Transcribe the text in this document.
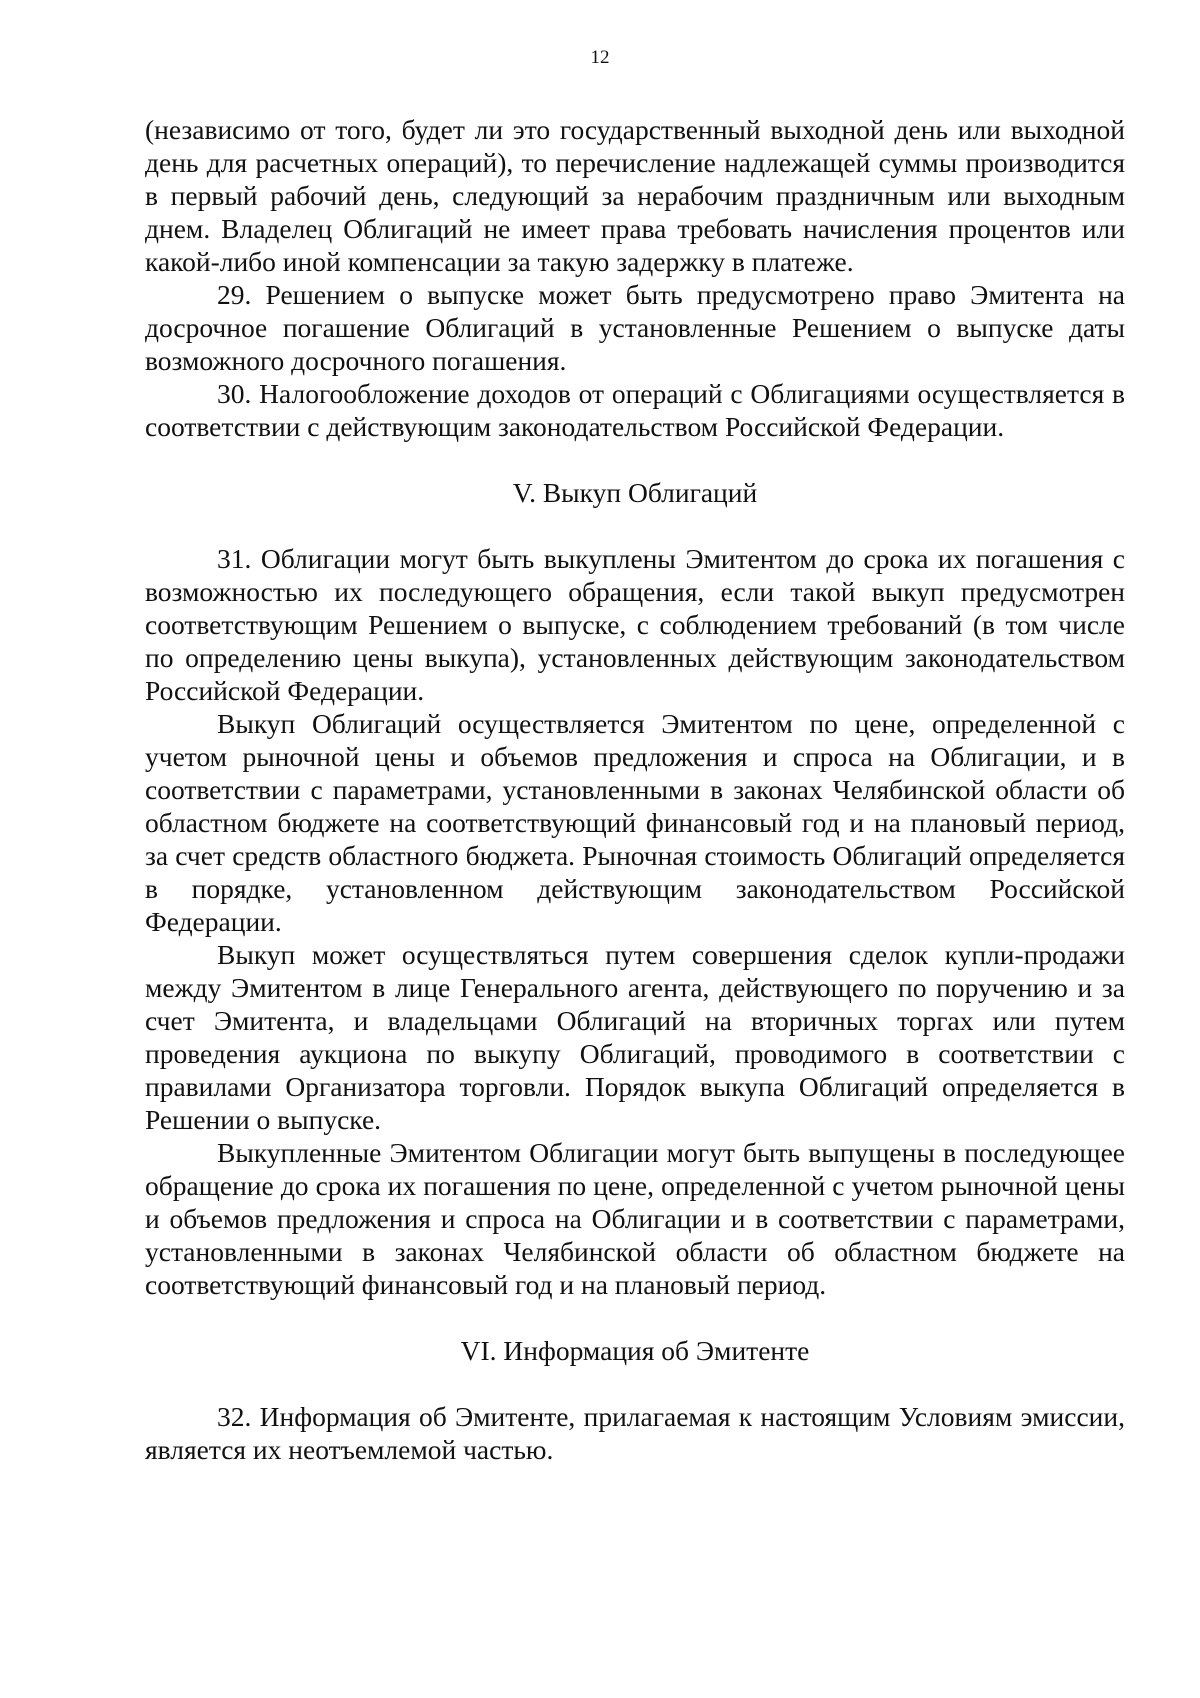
12

(независимо от того, будет ли это государственный выходной день или выходной день для расчетных операций), то перечисление надлежащей суммы производится в первый рабочий день, следующий за нерабочим праздничным или выходным днем. Владелец Облигаций не имеет права требовать начисления процентов или какой-либо иной компенсации за такую задержку в платеже.

29. Решением о выпуске может быть предусмотрено право Эмитента на досрочное погашение Облигаций в установленные Решением о выпуске даты возможного досрочного погашения.

30. Налогообложение доходов от операций с Облигациями осуществляется в соответствии с действующим законодательством Российской Федерации.

V. Выкуп Облигаций

31. Облигации могут быть выкуплены Эмитентом до срока их погашения с возможностью их последующего обращения, если такой выкуп предусмотрен соответствующим Решением о выпуске, с соблюдением требований (в том числе по определению цены выкупа), установленных действующим законодательством Российской Федерации.

Выкуп Облигаций осуществляется Эмитентом по цене, определенной с учетом рыночной цены и объемов предложения и спроса на Облигации, и в соответствии с параметрами, установленными в законах Челябинской области об областном бюджете на соответствующий финансовый год и на плановый период, за счет средств областного бюджета. Рыночная стоимость Облигаций определяется в порядке, установленном действующим законодательством Российской Федерации.

Выкуп может осуществляться путем совершения сделок купли-продажи между Эмитентом в лице Генерального агента, действующего по поручению и за счет Эмитента, и владельцами Облигаций на вторичных торгах или путем проведения аукциона по выкупу Облигаций, проводимого в соответствии с правилами Организатора торговли. Порядок выкупа Облигаций определяется в Решении о выпуске.

Выкупленные Эмитентом Облигации могут быть выпущены в последующее обращение до срока их погашения по цене, определенной с учетом рыночной цены и объемов предложения и спроса на Облигации и в соответствии с параметрами, установленными в законах Челябинской области об областном бюджете на соответствующий финансовый год и на плановый период.

VI. Информация об Эмитенте

32. Информация об Эмитенте, прилагаемая к настоящим Условиям эмиссии, является их неотъемлемой частью.
